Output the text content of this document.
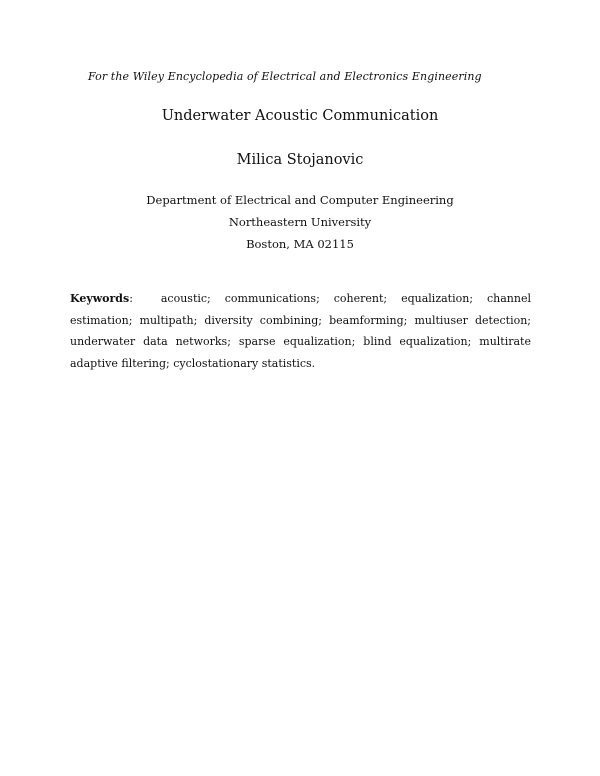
For the Wiley Encyclopedia of Electrical and Electronics Engineering
Underwater Acoustic Communication
Milica Stojanovic
Department of Electrical and Computer Engineering
Northeastern University
Boston, MA 02115
Keywords:  acoustic; communications; coherent; equalization; channel estimation; multipath; diversity combining; beamforming; multiuser detection; underwater data networks; sparse equalization; blind equalization; multirate adaptive filtering; cyclostationary statistics.
